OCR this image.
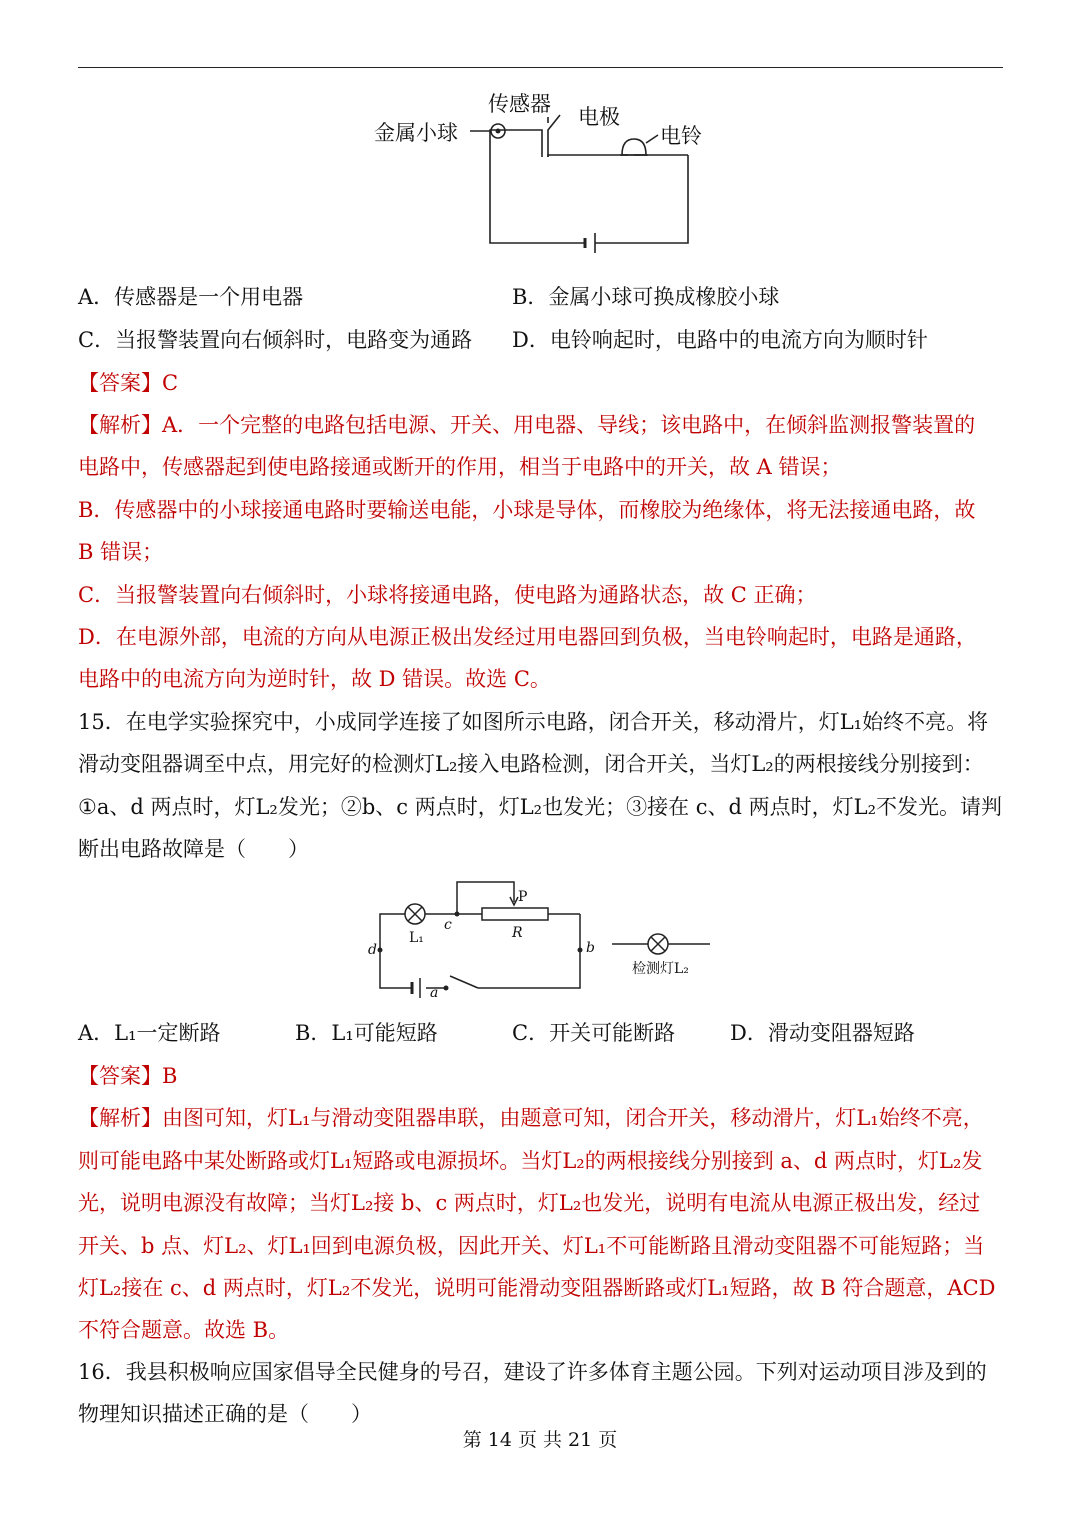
传感器
电极
金属小球	电铃
A．传感器是一个用电器	B．金属小球可换成橡胶小球
C．当报警装置向右倾斜时，电路变为通路 D．电铃响起时，电路中的电流方向为顺时针
【答案】C
【解析】A．一个完整的电路包括电源、开关、用电器、导线；该电路中，在倾斜监测报警装置的
电路中，传感器起到使电路接通或断开的作用，相当于电路中的开关，故 A 错误；
B．传感器中的小球接通电路时要输送电能，小球是导体，而橡胶为绝缘体，将无法接通电路，故
B 错误；
C．当报警装置向右倾斜时，小球将接通电路，使电路为通路状态，故 C 正确；
D．在电源外部，电流的方向从电源正极出发经过用电器回到负极，当电铃响起时，电路是通路，
电路中的电流方向为逆时针，故 D 错误。故选 C。
15．在电学实验探究中，小成同学连接了如图所示电路，闭合开关，移动滑片，灯L₁始终不亮。将
滑动变阻器调至中点，用完好的检测灯L₂接入电路检测，闭合开关，当灯L₂的两根接线分别接到：
①a、d 两点时，灯L₂发光；②b、c 两点时，灯L₂也发光；③接在 c、d 两点时，灯L₂不发光。请判
断出电路故障是（　　）
P
R
L₁
c
d	b
a
检测灯L₂
A．L₁一定断路	B．L₁可能短路	C．开关可能断路	D．滑动变阻器短路
【答案】B
【解析】由图可知，灯L₁与滑动变阻器串联，由题意可知，闭合开关，移动滑片，灯L₁始终不亮，
则可能电路中某处断路或灯L₁短路或电源损坏。当灯L₂的两根接线分别接到 a、d 两点时，灯L₂发
光，说明电源没有故障；当灯L₂接 b、c 两点时，灯L₂也发光，说明有电流从电源正极出发，经过
开关、b 点、灯L₂、灯L₁回到电源负极，因此开关、灯L₁不可能断路且滑动变阻器不可能短路；当
灯L₂接在 c、d 两点时，灯L₂不发光，说明可能滑动变阻器断路或灯L₁短路，故 B 符合题意，ACD
不符合题意。故选 B。
16．我县积极响应国家倡导全民健身的号召，建设了许多体育主题公园。下列对运动项目涉及到的
物理知识描述正确的是（　　）
第 14 页 共 21 页
